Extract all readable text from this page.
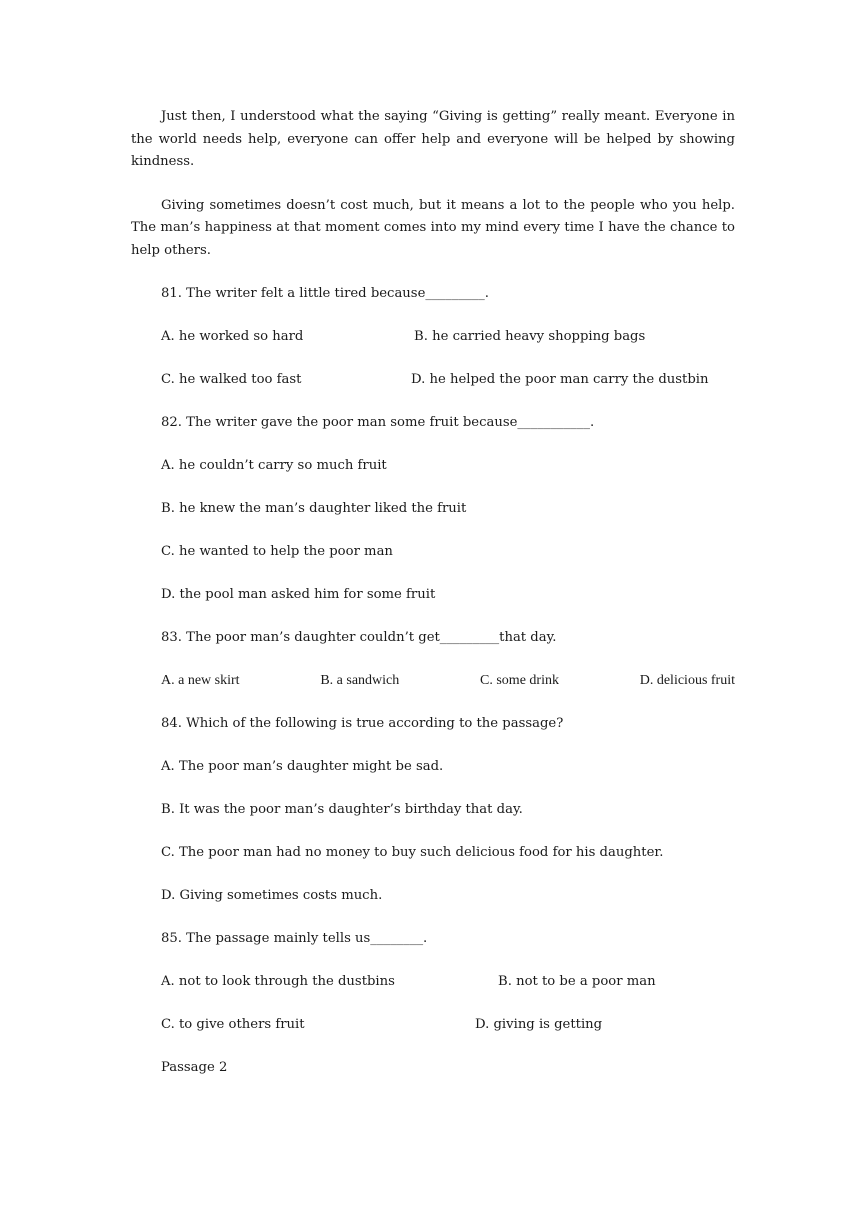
Just then, I understood what the saying “Giving is getting” really meant. Everyone in the world needs help, everyone can offer help and everyone will be helped by showing kindness.

Giving sometimes doesn’t cost much, but it means a lot to the people who you help. The man’s happiness at that moment comes into my mind every time I have the chance to help others.

81. The writer felt a little tired because_________.
A. he worked so hard	B. he carried heavy shopping bags
C. he walked too fast	D. he helped the poor man carry the dustbin
82. The writer gave the poor man some fruit because___________.
A. he couldn’t carry so much fruit
B. he knew the man’s daughter liked the fruit
C. he wanted to help the poor man
D. the pool man asked him for some fruit
83. The poor man’s daughter couldn’t get_________that day.
A. a new skirt	B. a sandwich	C. some drink	D. delicious fruit
84. Which of the following is true according to the passage?
A. The poor man’s daughter might be sad.
B. It was the poor man’s daughter’s birthday that day.
C. The poor man had no money to buy such delicious food for his daughter.
D. Giving sometimes costs much.
85. The passage mainly tells us________.
A. not to look through the dustbins	B. not to be a poor man
C. to give others fruit	D. giving is getting
Passage 2
